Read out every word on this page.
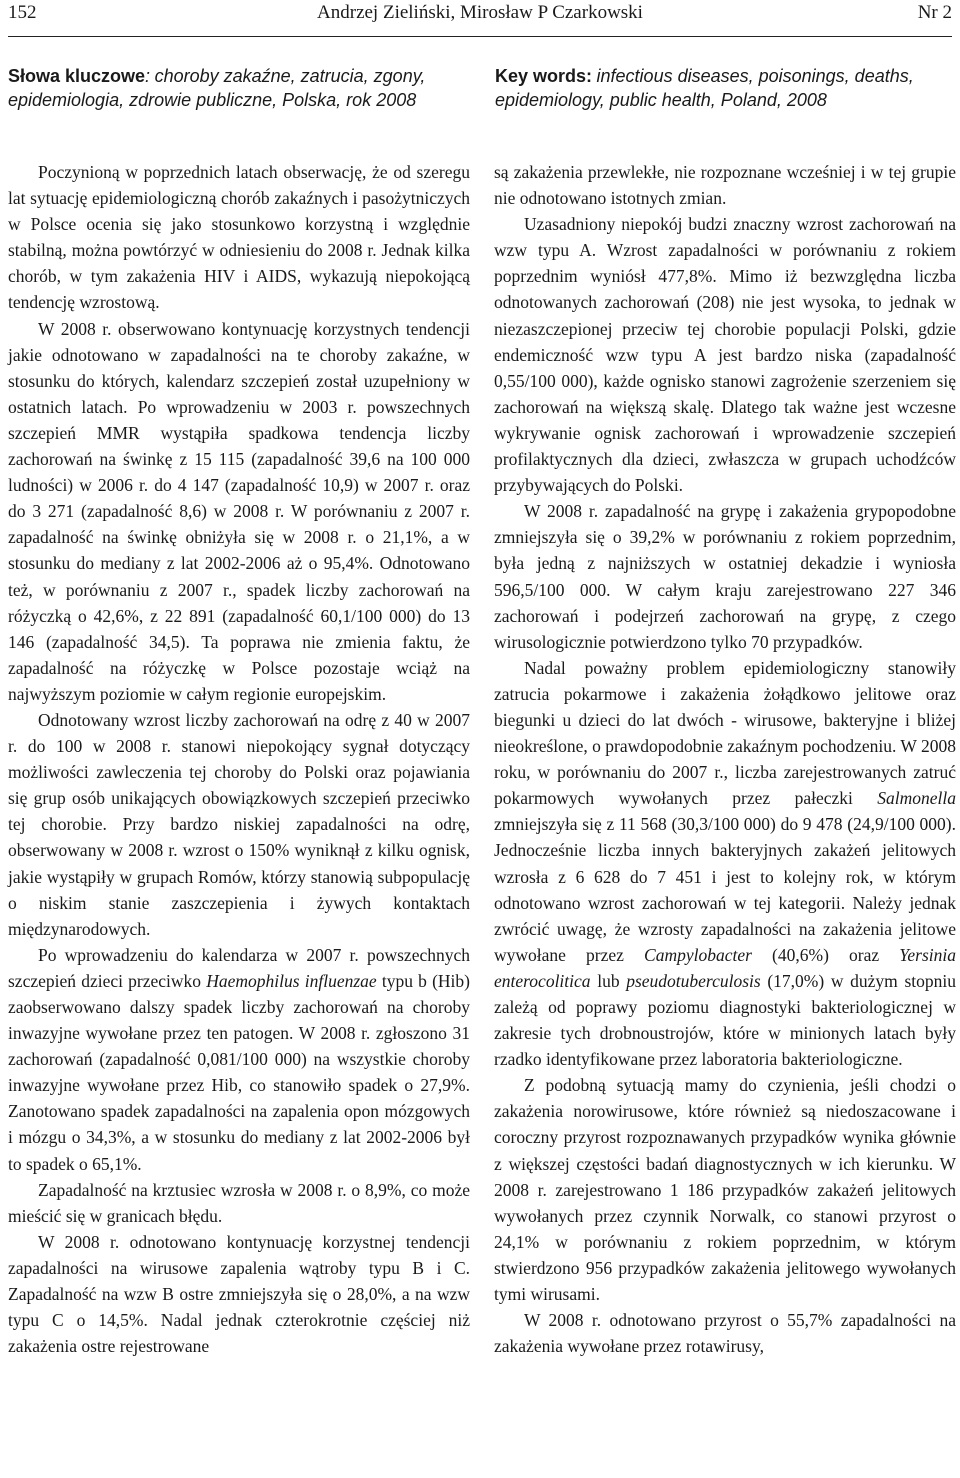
152	Andrzej Zieliński, Mirosław P Czarkowski	Nr 2
Słowa kluczowe: choroby zakaźne, zatrucia, zgony, epidemiologia, zdrowie publiczne, Polska, rok 2008
Key words: infectious diseases, poisonings, deaths, epidemiology, public health, Poland, 2008

Poczynioną w poprzednich latach obserwację, że od szeregu lat sytuację epidemiologiczną chorób zakaźnych i pasożytniczych w Polsce ocenia się jako stosunkowo korzystną i względnie stabilną, można powtórzyć w odniesieniu do 2008 r. Jednak kilka chorób, w tym zakażenia HIV i AIDS, wykazują niepokojącą tendencję wzrostową.

W 2008 r. obserwowano kontynuację korzystnych tendencji jakie odnotowano w zapadalności na te choroby zakaźne, w stosunku do których, kalendarz szczepień został uzupełniony w ostatnich latach. Po wprowadzeniu w 2003 r. powszechnych szczepień MMR wystąpiła spadkowa tendencja liczby zachorowań na świnkę z 15 115 (zapadalność 39,6 na 100 000 ludności) w 2006 r. do 4 147 (zapadalność 10,9) w 2007 r. oraz do 3 271 (zapadalność 8,6) w 2008 r. W porównaniu z 2007 r. zapadalność na świnkę obniżyła się w 2008 r. o 21,1%, a w stosunku do mediany z lat 2002-2006 aż o 95,4%. Odnotowano też, w porównaniu z 2007 r., spadek liczby zachorowań na różyczką o 42,6%, z 22 891 (zapadalność 60,1/100 000) do 13 146 (zapadalność 34,5). Ta poprawa nie zmienia faktu, że zapadalność na różyczkę w Polsce pozostaje wciąż na najwyższym poziomie w całym regionie europejskim.

Odnotowany wzrost liczby zachorowań na odrę z 40 w 2007 r. do 100 w 2008 r. stanowi niepokojący sygnał dotyczący możliwości zawleczenia tej choroby do Polski oraz pojawiania się grup osób unikających obowiązkowych szczepień przeciwko tej chorobie. Przy bardzo niskiej zapadalności na odrę, obserwowany w 2008 r. wzrost o 150% wyniknął z kilku ognisk, jakie wystąpiły w grupach Romów, którzy stanowią subpopulację o niskim stanie zaszczepienia i żywych kontaktach międzynarodowych.

Po wprowadzeniu do kalendarza w 2007 r. powszechnych szczepień dzieci przeciwko Haemophilus influenzae typu b (Hib) zaobserwowano dalszy spadek liczby zachorowań na choroby inwazyjne wywołane przez ten patogen. W 2008 r. zgłoszono 31 zachorowań (zapadalność 0,081/100 000) na wszystkie choroby inwazyjne wywołane przez Hib, co stanowiło spadek o 27,9%. Zanotowano spadek zapadalności na zapalenia opon mózgowych i mózgu o 34,3%, a w stosunku do mediany z lat 2002-2006 był to spadek o 65,1%.

Zapadalność na krztusiec wzrosła w 2008 r. o 8,9%, co może mieścić się w granicach błędu.

W 2008 r. odnotowano kontynuację korzystnej tendencji zapadalności na wirusowe zapalenia wątroby typu B i C. Zapadalność na wzw B ostre zmniejszyła się o 28,0%, a na wzw typu C o 14,5%. Nadal jednak czterokrotnie częściej niż zakażenia ostre rejestrowane

są zakażenia przewlekłe, nie rozpoznane wcześniej i w tej grupie nie odnotowano istotnych zmian.

Uzasadniony niepokój budzi znaczny wzrost zachorowań na wzw typu A. Wzrost zapadalności w porównaniu z rokiem poprzednim wyniósł 477,8%. Mimo iż bezwzględna liczba odnotowanych zachorowań (208) nie jest wysoka, to jednak w niezaszczepionej przeciw tej chorobie populacji Polski, gdzie endemiczność wzw typu A jest bardzo niska (zapadalność 0,55/100 000), każde ognisko stanowi zagrożenie szerzeniem się zachorowań na większą skalę. Dlatego tak ważne jest wczesne wykrywanie ognisk zachorowań i wprowadzenie szczepień profilaktycznych dla dzieci, zwłaszcza w grupach uchodźców przybywających do Polski.

W 2008 r. zapadalność na grypę i zakażenia grypopodobne zmniejszyła się o 39,2% w porównaniu z rokiem poprzednim, była jedną z najniższych w ostatniej dekadzie i wyniosła 596,5/100 000. W całym kraju zarejestrowano 227 346 zachorowań i podejrzeń zachorowań na grypę, z czego wirusologicznie potwierdzono tylko 70 przypadków.

Nadal poważny problem epidemiologiczny stanowiły zatrucia pokarmowe i zakażenia żołądkowo jelitowe oraz biegunki u dzieci do lat dwóch - wirusowe, bakteryjne i bliżej nieokreślone, o prawdopodobnie zakaźnym pochodzeniu. W 2008 roku, w porównaniu do 2007 r., liczba zarejestrowanych zatruć pokarmowych wywołanych przez pałeczki Salmonella zmniejszyła się z 11 568 (30,3/100 000) do 9 478 (24,9/100 000). Jednocześnie liczba innych bakteryjnych zakażeń jelitowych wzrosła z 6 628 do 7 451 i jest to kolejny rok, w którym odnotowano wzrost zachorowań w tej kategorii. Należy jednak zwrócić uwagę, że wzrosty zapadalności na zakażenia jelitowe wywołane przez Campylobacter (40,6%) oraz Yersinia enterocolitica lub pseudotuberculosis (17,0%) w dużym stopniu zależą od poprawy poziomu diagnostyki bakteriologicznej w zakresie tych drobnoustrojów, które w minionych latach były rzadko identyfikowane przez laboratoria bakteriologiczne.

Z podobną sytuacją mamy do czynienia, jeśli chodzi o zakażenia norowirusowe, które również są niedoszacowane i coroczny przyrost rozpoznawanych przypadków wynika głównie z większej częstości badań diagnostycznych w ich kierunku. W 2008 r. zarejestrowano 1 186 przypadków zakażeń jelitowych wywołanych przez czynnik Norwalk, co stanowi przyrost o 24,1% w porównaniu z rokiem poprzednim, w którym stwierdzono 956 przypadków zakażenia jelitowego wywołanych tymi wirusami.

W 2008 r. odnotowano przyrost o 55,7% zapadalności na zakażenia wywołane przez rotawirusy,
